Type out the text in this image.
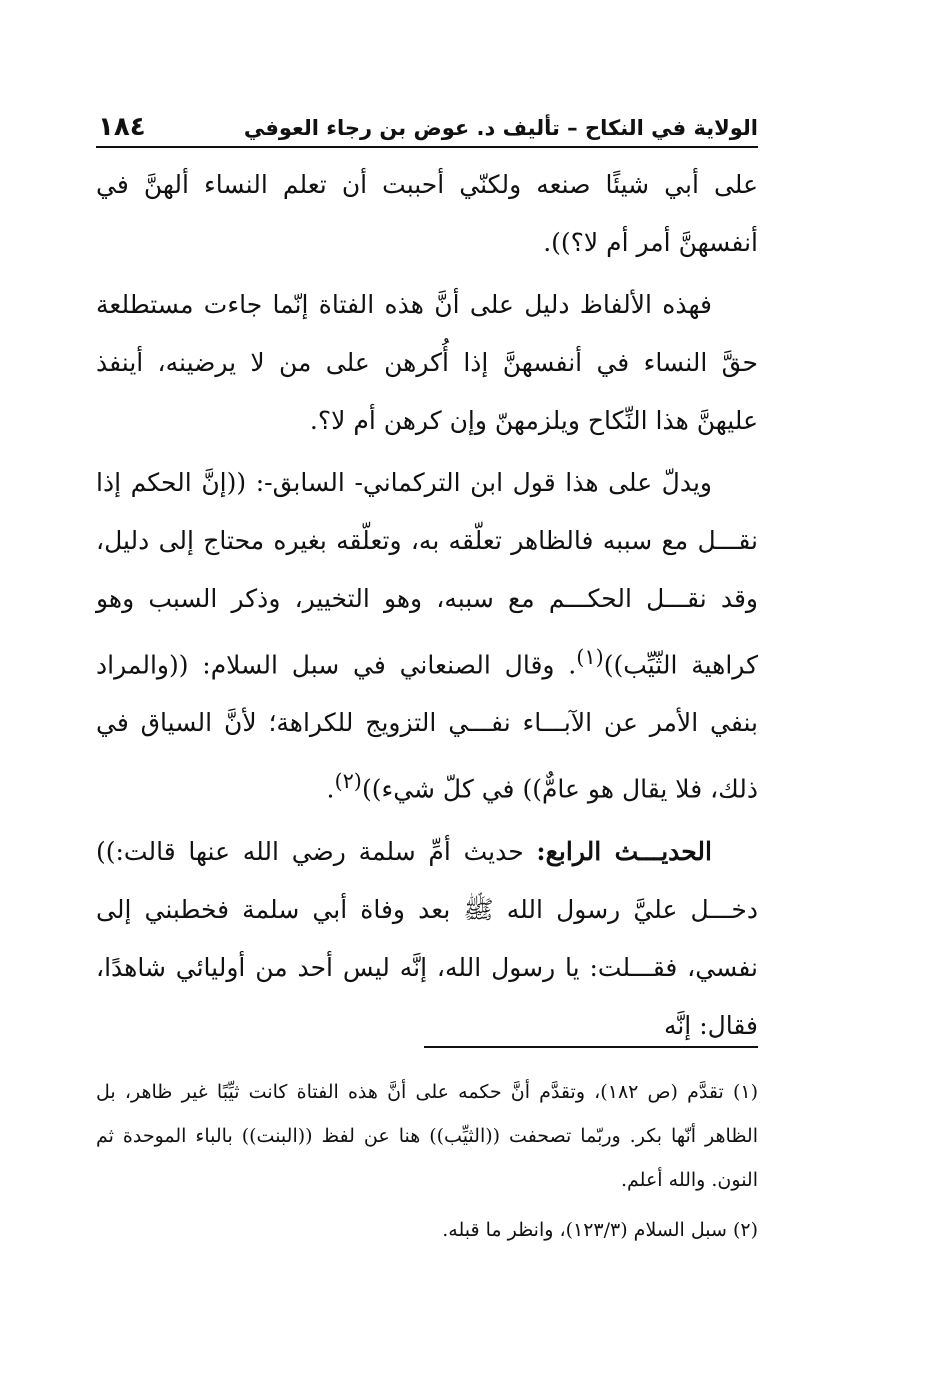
الولاية في النكاح – تأليف د. عوض بن رجاء العوفي
١٨٤

على أبي شيئًا صنعه ولكنّي أحببت أن تعلم النساء ألهنَّ في أنفسهنَّ أمر أم لا؟)).

فهذه الألفاظ دليل على أنَّ هذه الفتاة إنّما جاءت مستطلعة حقَّ النساء في أنفسهنَّ إذا أُكرهن على من لا يرضينه، أينفذ عليهنَّ هذا النِّكاح ويلزمهنّ وإن كرهن أم لا؟.

ويدلّ على هذا قول ابن التركماني- السابق-: ((إنَّ الحكم إذا نقـــل مع سببه فالظاهر تعلّقه به، وتعلّقه بغيره محتاج إلى دليل، وقد نقـــل الحكـــم مع سببه، وهو التخيير، وذكر السبب وهو كراهية الثّيِّب))$^{(١)}$. وقال الصنعاني في سبل السلام: ((والمراد بنفي الأمر عن الآبـــاء نفـــي التزويج للكراهة؛ لأنَّ السياق في ذلك، فلا يقال هو عامٌّ)) في كلّ شيء))$^{(٢)}$.

الحديـــث الرابع: حديث أمِّ سلمة رضي الله عنها قالت:)) دخـــل عليَّ رسول الله ﷺ بعد وفاة أبي سلمة فخطبني إلى نفسي، فقـــلت: يا رسول الله، إنَّه ليس أحد من أوليائي شاهدًا، فقال: إنَّه

(١) تقدَّم (ص ١٨٢)، وتقدَّم أنَّ حكمه على أنَّ هذه الفتاة كانت ثيِّبًا غير ظاهر، بل الظاهر أنّها بكر. وربّما تصحفت ((الثيِّب)) هنا عن لفظ ((البنت)) بالباء الموحدة ثم النون. والله أعلم.

(٢) سبل السلام (١٢٣/٣)، وانظر ما قبله.
